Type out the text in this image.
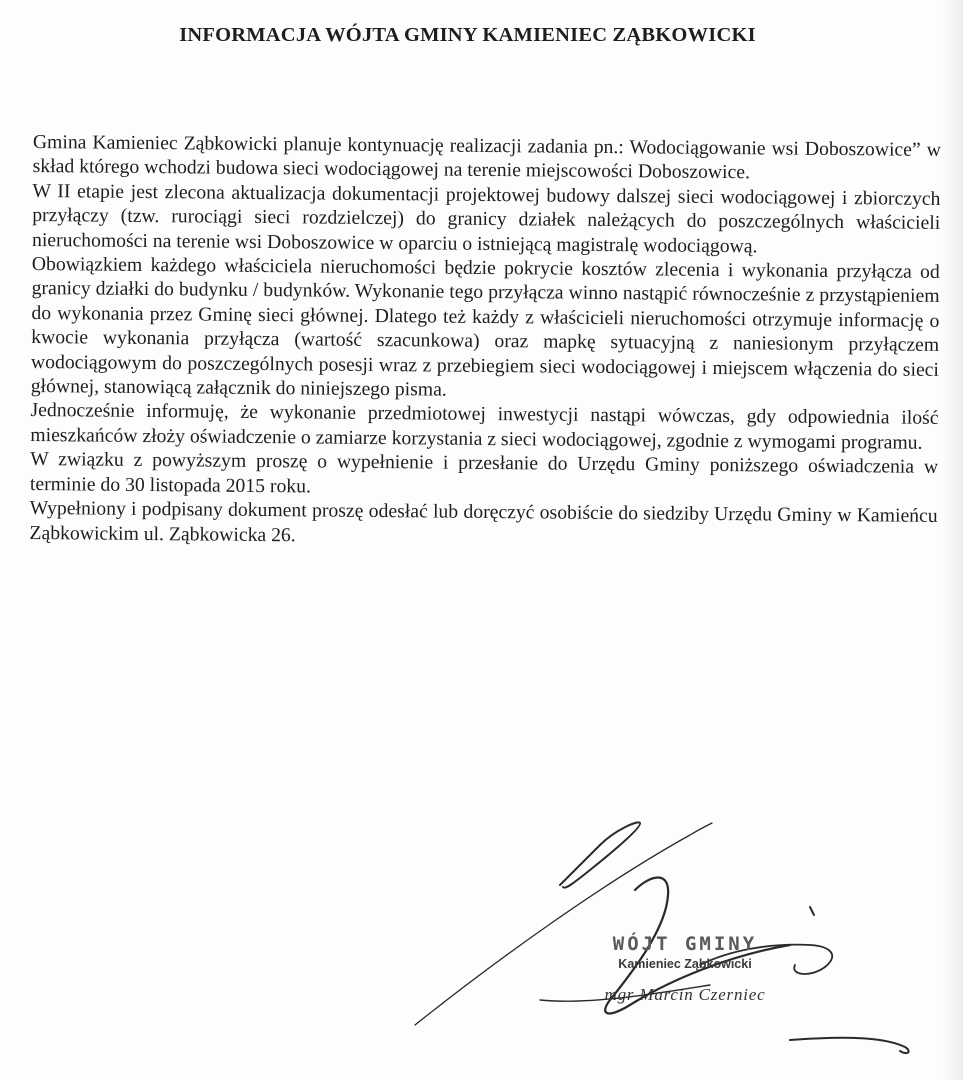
INFORMACJA WÓJTA GMINY KAMIENIEC ZĄBKOWICKI

Gmina Kamieniec Ząbkowicki planuje kontynuację realizacji zadania pn.: Wodociągowanie wsi Doboszowice” w skład którego wchodzi budowa sieci wodociągowej na terenie miejscowości Doboszowice.

W II etapie jest zlecona aktualizacja dokumentacji projektowej budowy dalszej sieci wodociągowej i zbiorczych przyłączy (tzw. rurociągi sieci rozdzielczej) do granicy działek należących do poszczególnych właścicieli nieruchomości na terenie wsi Doboszowice w oparciu o istniejącą magistralę wodociągową.

Obowiązkiem każdego właściciela nieruchomości będzie pokrycie kosztów zlecenia i wykonania przyłącza od granicy działki do budynku / budynków. Wykonanie tego przyłącza winno nastąpić równocześnie z przystąpieniem do wykonania przez Gminę sieci głównej. Dlatego też każdy z właścicieli nieruchomości otrzymuje informację o kwocie wykonania przyłącza (wartość szacunkowa) oraz mapkę sytuacyjną z naniesionym przyłączem wodociągowym do poszczególnych posesji wraz z przebiegiem sieci wodociągowej i miejscem włączenia do sieci głównej, stanowiącą załącznik do niniejszego pisma.

Jednocześnie informuję, że wykonanie przedmiotowej inwestycji nastąpi wówczas, gdy odpowiednia ilość mieszkańców złoży oświadczenie o zamiarze korzystania z sieci wodociągowej, zgodnie z wymogami programu.

W związku z powyższym proszę o wypełnienie i przesłanie do Urzędu Gminy poniższego oświadczenia w terminie do 30 listopada 2015 roku.

Wypełniony i podpisany dokument proszę odesłać lub doręczyć osobiście do siedziby Urzędu Gminy w Kamieńcu Ząbkowickim ul. Ząbkowicka 26.

WÓJT GMINY
Kamieniec Ząbkowicki
mgr Marcin Czerniec
